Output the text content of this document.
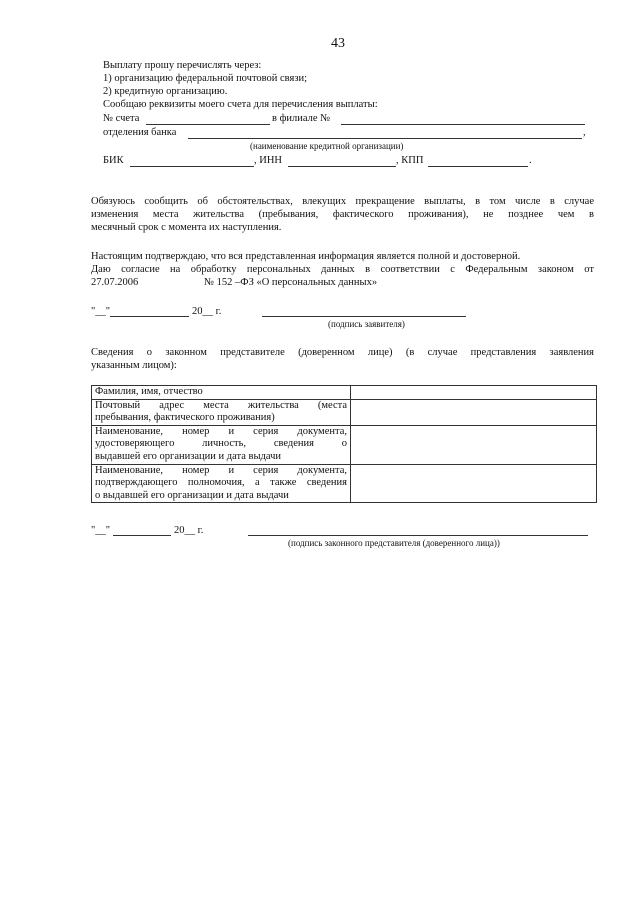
43
Выплату прошу перечислять через:
1) организацию федеральной почтовой связи;
2) кредитную организацию.
Сообщаю реквизиты моего счета для перечисления выплаты:
№ счета	в филиале №
отделения банка	,
(наименование кредитной организации)
БИК	, ИНН	, КПП	.
Обязуюсь сообщить об обстоятельствах, влекущих прекращение выплаты, в том числе в случае
изменения места жительства (пребывания, фактического проживания), не позднее чем в
месячный срок с момента их наступления.
Настоящим подтверждаю, что вся представленная информация является полной и достоверной.
Даю согласие на обработку персональных данных в соответствии с Федеральным законом от
27.07.2006	№ 152 –ФЗ «О персональных данных»
"__"	20__ г.
(подпись заявителя)
Сведения о законном представителе (доверенном лице) (в случае представления заявления
указанным лицом):
Фамилия, имя, отчество	

Почтовый адрес места жительства (места
пребывания, фактического проживания)	

Наименование, номер и серия документа,
удостоверяющего личность, сведения о
выдавшей его организации и дата выдачи	

Наименование, номер и серия документа,
подтверждающего полномочия, а также сведения
о выдавшей его организации и дата выдачи	

"__"	20__ г.
(подпись законного представителя (доверенного лица))
